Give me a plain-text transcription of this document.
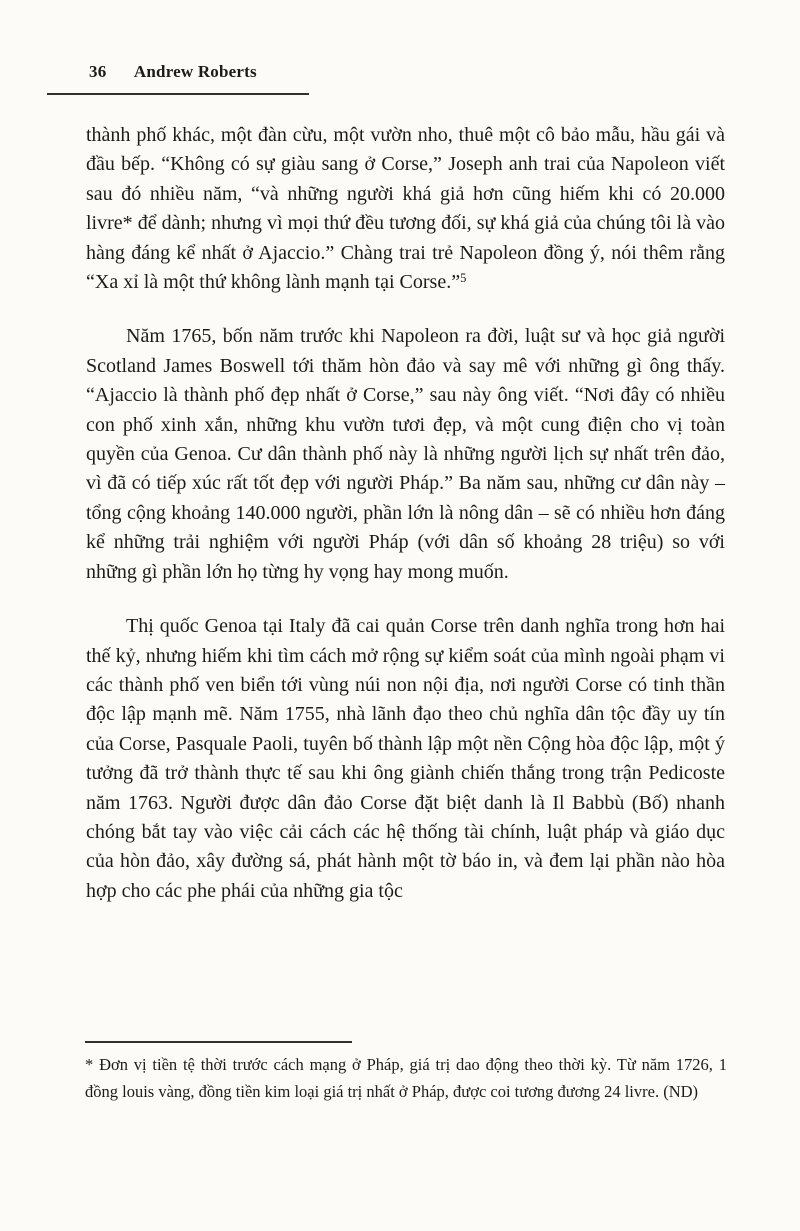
36 Andrew Roberts

thành phố khác, một đàn cừu, một vườn nho, thuê một cô bảo mẫu, hầu gái và đầu bếp. “Không có sự giàu sang ở Corse,” Joseph anh trai của Napoleon viết sau đó nhiều năm, “và những người khá giả hơn cũng hiếm khi có 20.000 livre* để dành; nhưng vì mọi thứ đều tương đối, sự khá giả của chúng tôi là vào hàng đáng kể nhất ở Ajaccio.” Chàng trai trẻ Napoleon đồng ý, nói thêm rằng “Xa xỉ là một thứ không lành mạnh tại Corse.”$^5$

Năm 1765, bốn năm trước khi Napoleon ra đời, luật sư và học giả người Scotland James Boswell tới thăm hòn đảo và say mê với những gì ông thấy. “Ajaccio là thành phố đẹp nhất ở Corse,” sau này ông viết. “Nơi đây có nhiều con phố xinh xắn, những khu vườn tươi đẹp, và một cung điện cho vị toàn quyền của Genoa. Cư dân thành phố này là những người lịch sự nhất trên đảo, vì đã có tiếp xúc rất tốt đẹp với người Pháp.” Ba năm sau, những cư dân này – tổng cộng khoảng 140.000 người, phần lớn là nông dân – sẽ có nhiều hơn đáng kể những trải nghiệm với người Pháp (với dân số khoảng 28 triệu) so với những gì phần lớn họ từng hy vọng hay mong muốn.

Thị quốc Genoa tại Italy đã cai quản Corse trên danh nghĩa trong hơn hai thế kỷ, nhưng hiếm khi tìm cách mở rộng sự kiểm soát của mình ngoài phạm vi các thành phố ven biển tới vùng núi non nội địa, nơi người Corse có tinh thần độc lập mạnh mẽ. Năm 1755, nhà lãnh đạo theo chủ nghĩa dân tộc đầy uy tín của Corse, Pasquale Paoli, tuyên bố thành lập một nền Cộng hòa độc lập, một ý tưởng đã trở thành thực tế sau khi ông giành chiến thắng trong trận Pedicoste năm 1763. Người được dân đảo Corse đặt biệt danh là Il Babbù (Bố) nhanh chóng bắt tay vào việc cải cách các hệ thống tài chính, luật pháp và giáo dục của hòn đảo, xây đường sá, phát hành một tờ báo in, và đem lại phần nào hòa hợp cho các phe phái của những gia tộc

* Đơn vị tiền tệ thời trước cách mạng ở Pháp, giá trị dao động theo thời kỳ. Từ năm 1726, 1 đồng louis vàng, đồng tiền kim loại giá trị nhất ở Pháp, được coi tương đương 24 livre. (ND)
